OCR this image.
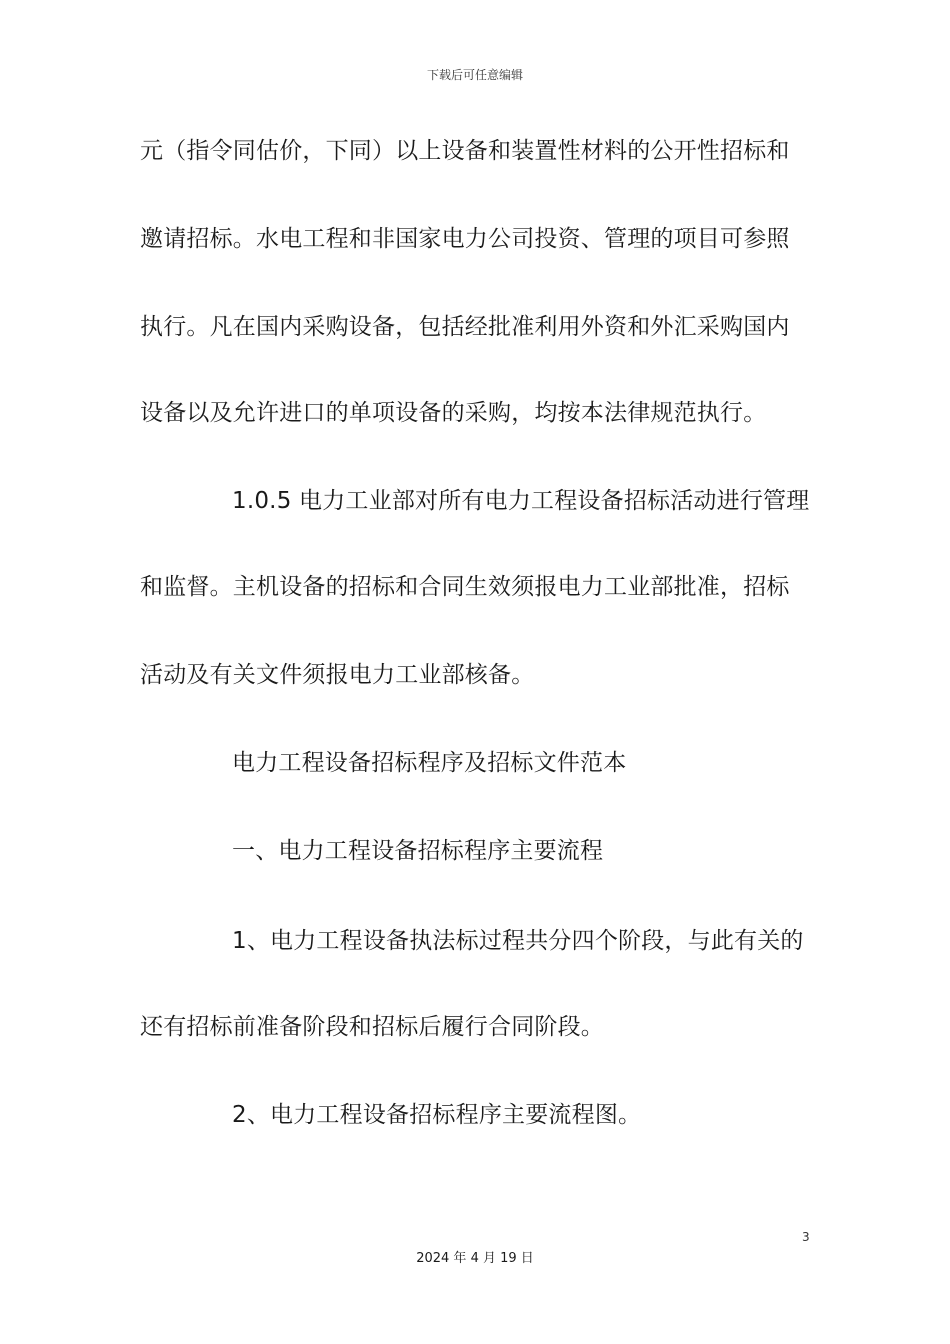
下载后可任意编辑
元（指令同估价，下同）以上设备和装置性材料的公开性招标和
邀请招标。水电工程和非国家电力公司投资、管理的项目可参照
执行。凡在国内采购设备，包括经批准利用外资和外汇采购国内
设备以及允许进口的单项设备的采购，均按本法律规范执行。
1.0.5 电力工业部对所有电力工程设备招标活动进行管理
和监督。主机设备的招标和合同生效须报电力工业部批准，招标
活动及有关文件须报电力工业部核备。
电力工程设备招标程序及招标文件范本
一、电力工程设备招标程序主要流程
1、电力工程设备执法标过程共分四个阶段，与此有关的
还有招标前准备阶段和招标后履行合同阶段。
2、电力工程设备招标程序主要流程图。
3
2024 年 4 月 19 日
